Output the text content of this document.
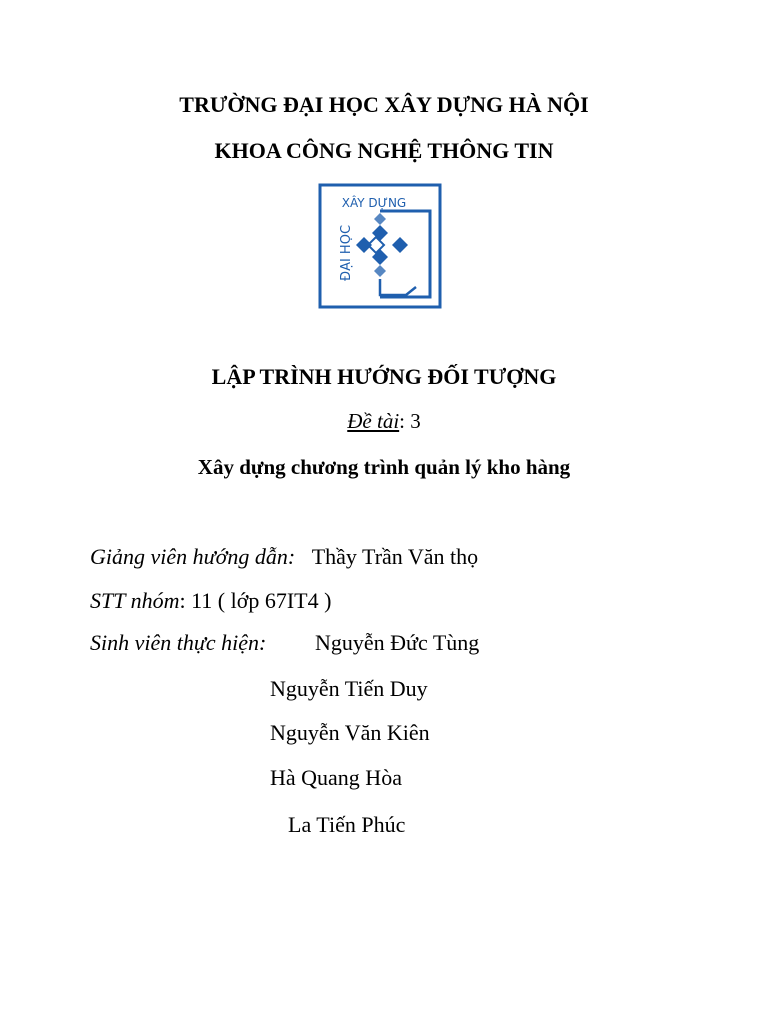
TRƯỜNG ĐẠI HỌC XÂY DỰNG HÀ NỘI
KHOA CÔNG NGHỆ THÔNG TIN
XÂY DỰNG
ĐẠI HỌC
LẬP TRÌNH HƯỚNG ĐỐI TƯỢNG
Đề tài: 3
Xây dựng chương trình quản lý kho hàng
Giảng viên hướng dẫn: Thầy Trần Văn thọ
STT nhóm: 11 ( lớp 67IT4 )
Sinh viên thực hiện: Nguyễn Đức Tùng
Nguyễn Tiến Duy
Nguyễn Văn Kiên
Hà Quang Hòa
La Tiến Phúc
